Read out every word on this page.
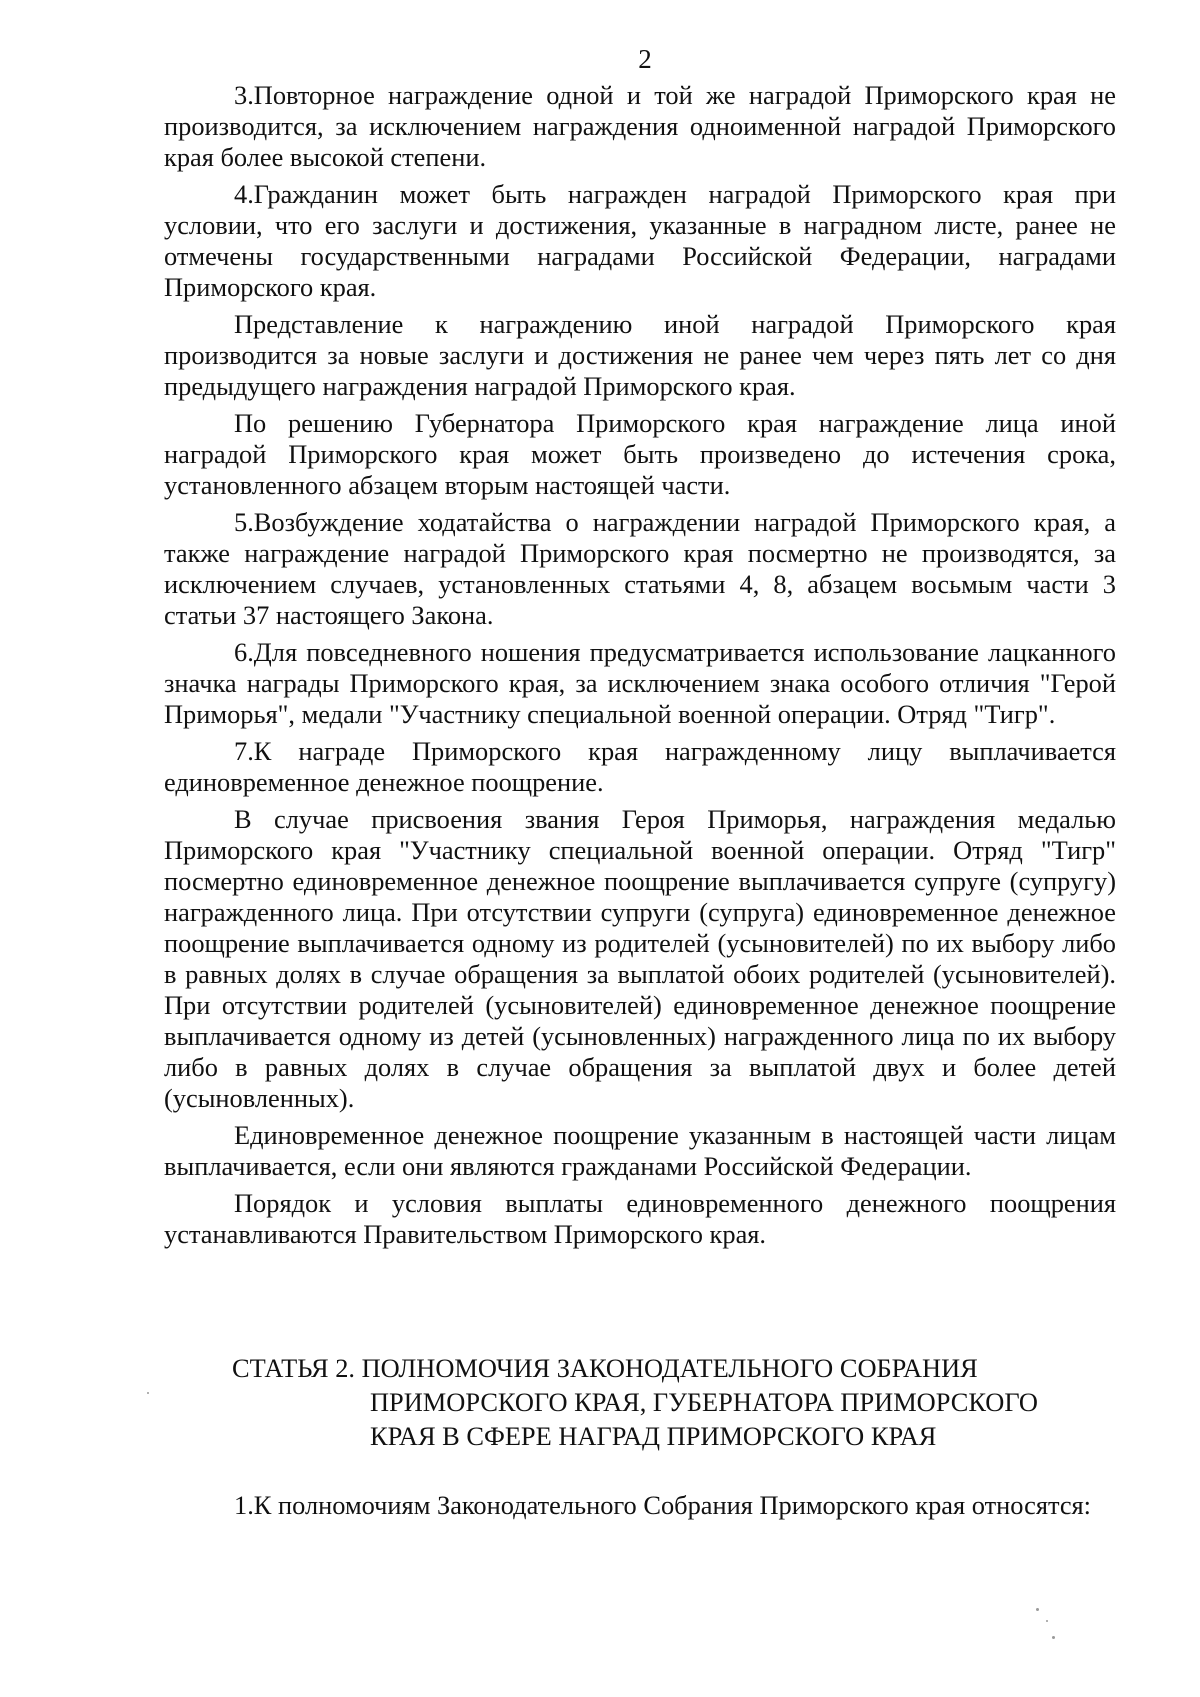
2

3.Повторное награждение одной и той же наградой Приморского края не производится, за исключением награждения одноименной наградой Приморского края более высокой степени.

4.Гражданин может быть награжден наградой Приморского края при условии, что его заслуги и достижения, указанные в наградном листе, ранее не отмечены государственными наградами Российской Федерации, наградами Приморского края.

Представление к награждению иной наградой Приморского края производится за новые заслуги и достижения не ранее чем через пять лет со дня предыдущего награждения наградой Приморского края.

По решению Губернатора Приморского края награждение лица иной наградой Приморского края может быть произведено до истечения срока, установленного абзацем вторым настоящей части.

5.Возбуждение ходатайства о награждении наградой Приморского края, а также награждение наградой Приморского края посмертно не производятся, за исключением случаев, установленных статьями 4, 8, абзацем восьмым части 3 статьи 37 настоящего Закона.

6.Для повседневного ношения предусматривается использование лацканного значка награды Приморского края, за исключением знака особого отличия "Герой Приморья", медали "Участнику специальной военной операции. Отряд "Тигр".

7.К награде Приморского края награжденному лицу выплачивается единовременное денежное поощрение.

В случае присвоения звания Героя Приморья, награждения медалью Приморского края "Участнику специальной военной операции. Отряд "Тигр" посмертно единовременное денежное поощрение выплачивается супруге (супругу) награжденного лица. При отсутствии супруги (супруга) единовременное денежное поощрение выплачивается одному из родителей (усыновителей) по их выбору либо в равных долях в случае обращения за выплатой обоих родителей (усыновителей). При отсутствии родителей (усыновителей) единовременное денежное поощрение выплачивается одному из детей (усыновленных) награжденного лица по их выбору либо в равных долях в случае обращения за выплатой двух и более детей (усыновленных).

Единовременное денежное поощрение указанным в настоящей части лицам выплачивается, если они являются гражданами Российской Федерации.

Порядок и условия выплаты единовременного денежного поощрения устанавливаются Правительством Приморского края.

СТАТЬЯ 2. ПОЛНОМОЧИЯ ЗАКОНОДАТЕЛЬНОГО СОБРАНИЯ
ПРИМОРСКОГО КРАЯ, ГУБЕРНАТОРА ПРИМОРСКОГО
КРАЯ В СФЕРЕ НАГРАД ПРИМОРСКОГО КРАЯ

1.К полномочиям Законодательного Собрания Приморского края относятся:
